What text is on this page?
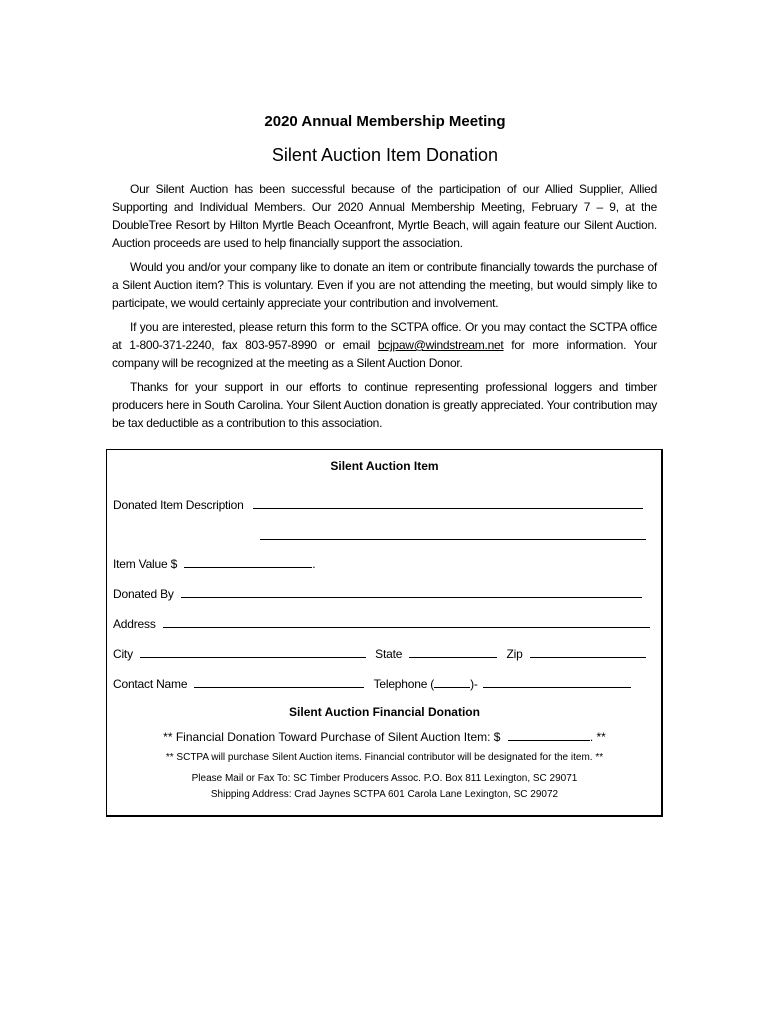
2020 Annual Membership Meeting
Silent Auction Item Donation

Our Silent Auction has been successful because of the participation of our Allied Supplier, Allied Supporting and Individual Members. Our 2020 Annual Membership Meeting, February 7 – 9, at the DoubleTree Resort by Hilton Myrtle Beach Oceanfront, Myrtle Beach, will again feature our Silent Auction. Auction proceeds are used to help financially support the association.

Would you and/or your company like to donate an item or contribute financially towards the purchase of a Silent Auction item? This is voluntary. Even if you are not attending the meeting, but would simply like to participate, we would certainly appreciate your contribution and involvement.

If you are interested, please return this form to the SCTPA office. Or you may contact the SCTPA office at 1-800-371-2240, fax 803-957-8990 or email bcjpaw@windstream.net for more information. Your company will be recognized at the meeting as a Silent Auction Donor.

Thanks for your support in our efforts to continue representing professional loggers and timber producers here in South Carolina. Your Silent Auction donation is greatly appreciated. Your contribution may be tax deductible as a contribution to this association.

Silent Auction Item
Donated Item Description
Item Value $	.
Donated By
Address
City	State	Zip
Contact Name	Telephone (	)-
Silent Auction Financial Donation
** Financial Donation Toward Purchase of Silent Auction Item: $	. **
** SCTPA will purchase Silent Auction items. Financial contributor will be designated for the item. **
Please Mail or Fax To: SC Timber Producers Assoc. P.O. Box 811 Lexington, SC 29071
Shipping Address: Crad Jaynes SCTPA 601 Carola Lane Lexington, SC 29072
